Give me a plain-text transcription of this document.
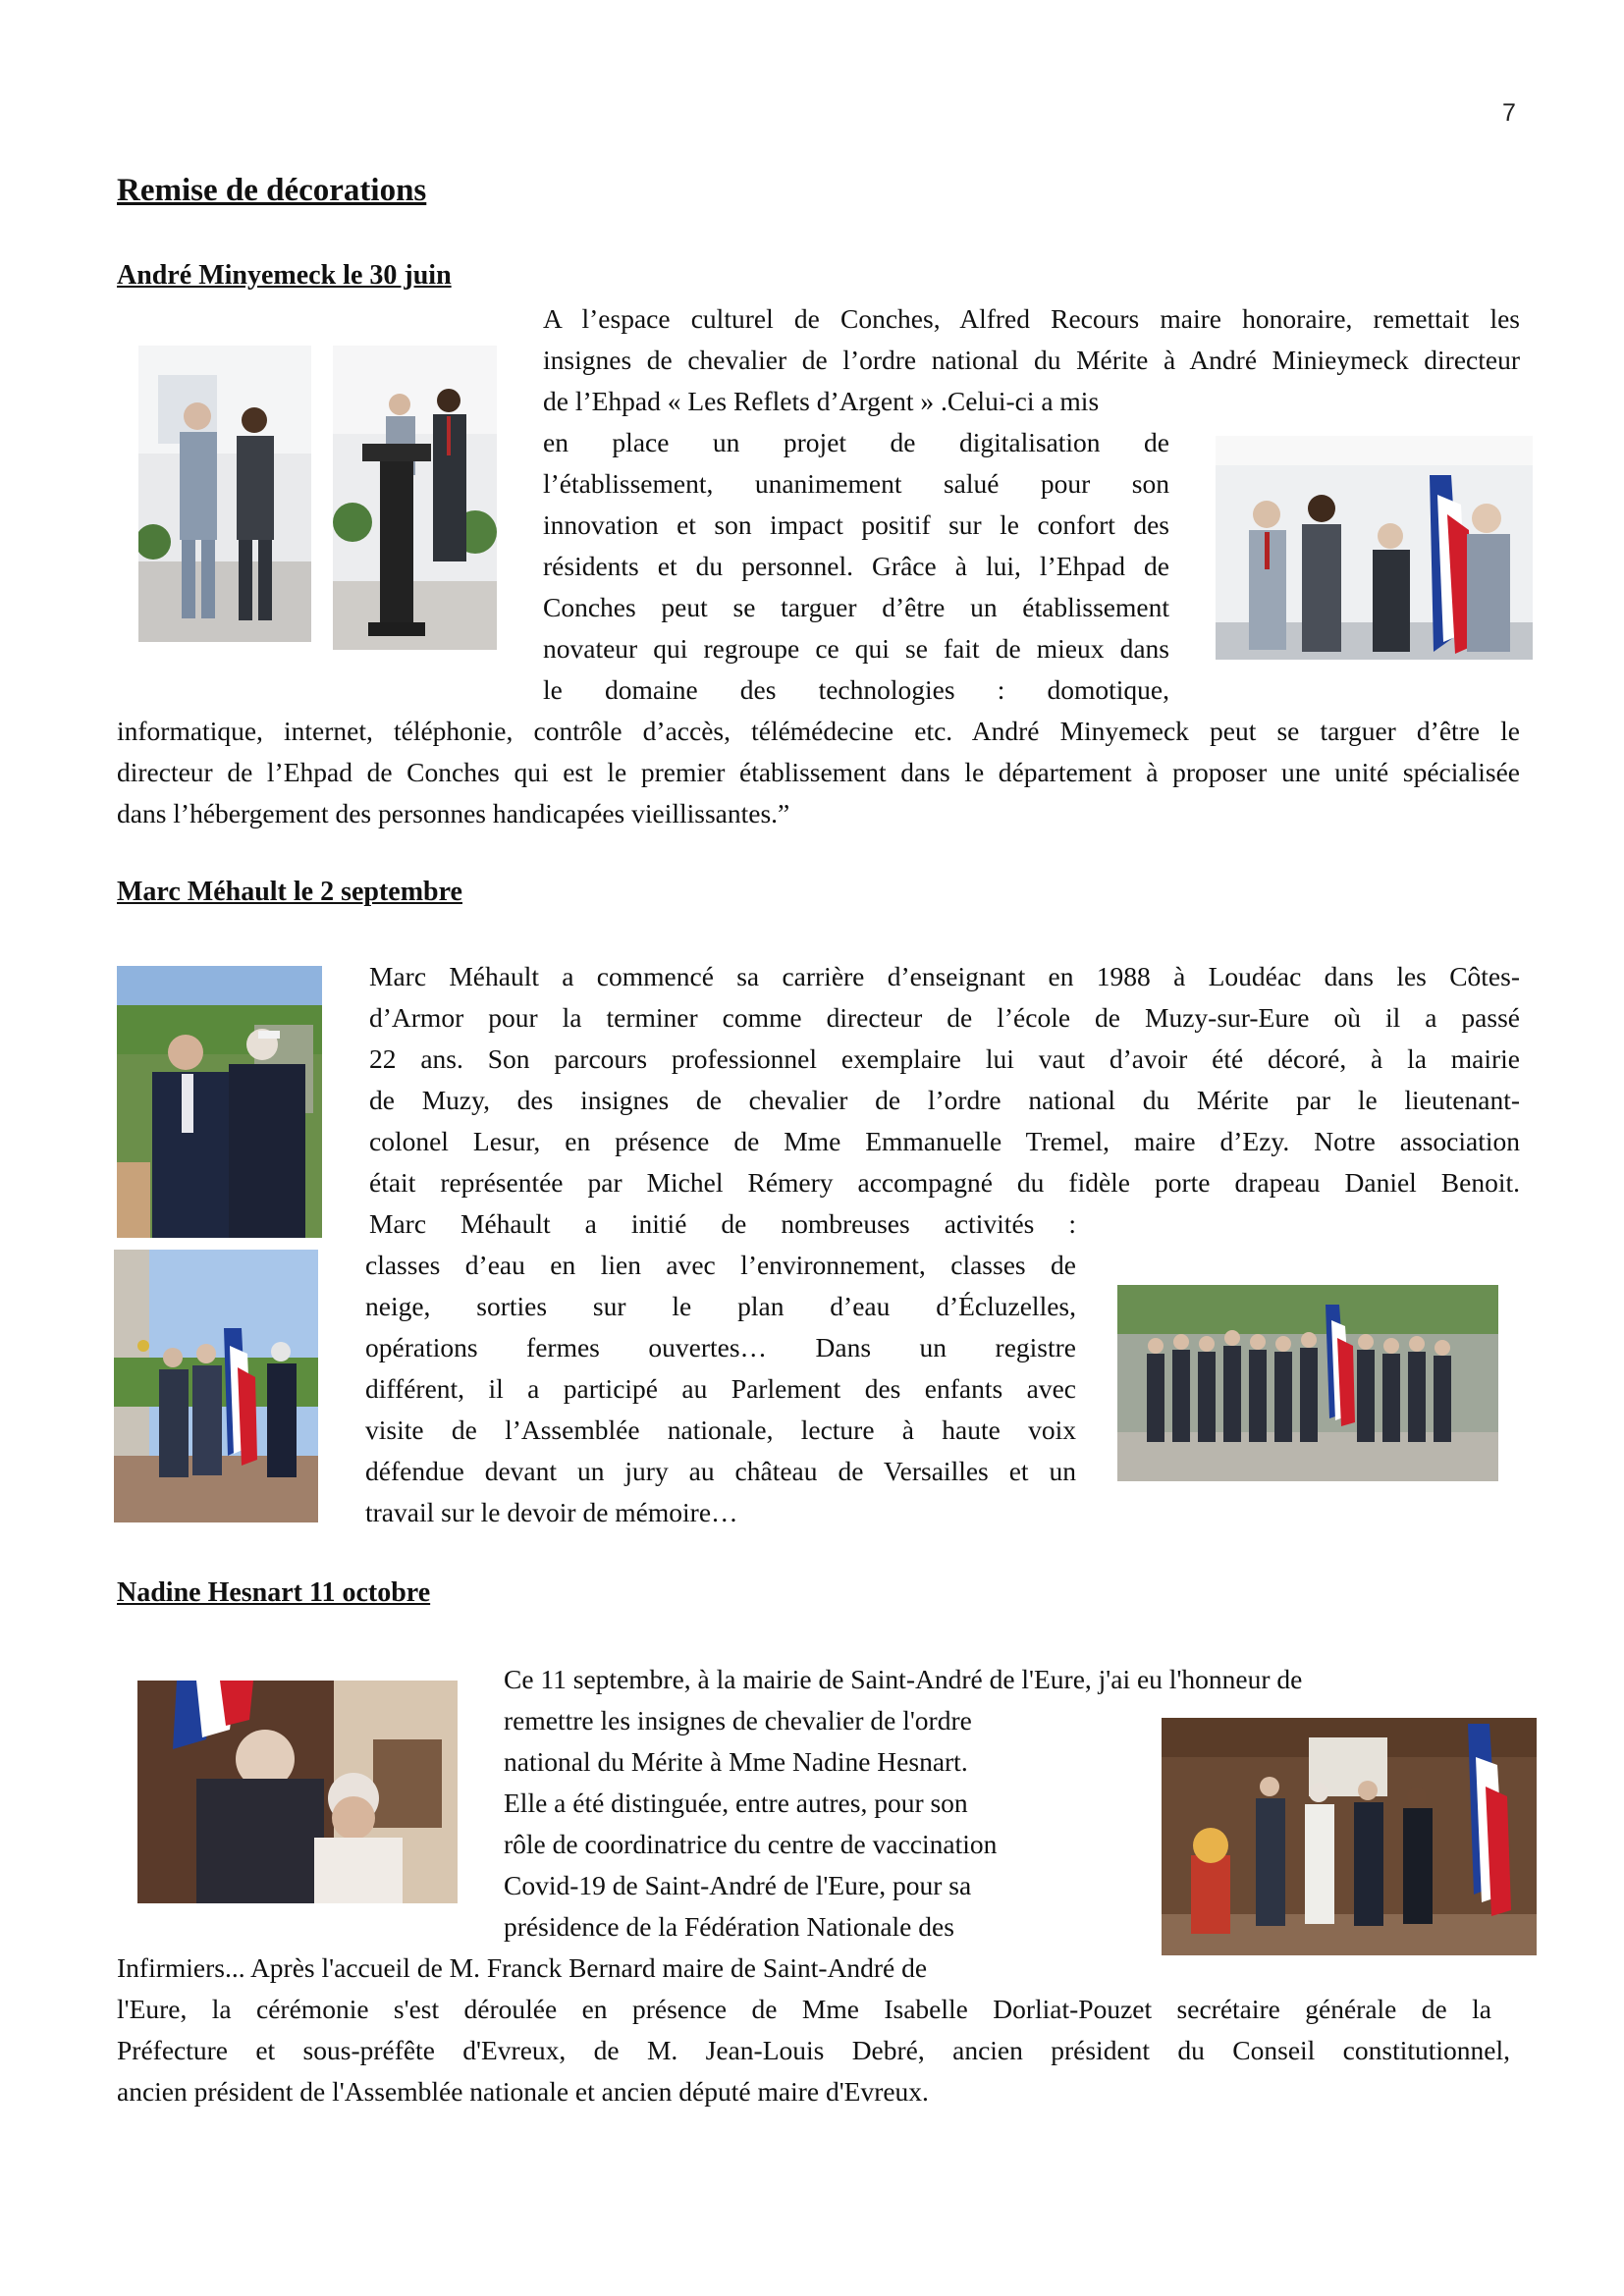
7
Remise de décorations
André Minyemeck le 30 juin
A l’espace culturel de Conches, Alfred Recours maire honoraire, remettait les
insignes de chevalier de l’ordre national du Mérite à André Minieymeck directeur
de l’Ehpad « Les Reflets d’Argent » .Celui-ci a mis
en place un projet de digitalisation de
l’établissement, unanimement salué pour son
innovation et son impact positif sur le confort des
résidents et du personnel. Grâce à lui, l’Ehpad de
Conches peut se targuer d’être un établissement
novateur qui regroupe ce qui se fait de mieux dans
le domaine des technologies : domotique,
informatique, internet, téléphonie, contrôle d’accès, télémédecine etc. André Minyemeck peut se targuer d’être le
directeur de l’Ehpad de Conches qui est le premier établissement dans le département à proposer une unité spécialisée
dans l’hébergement des personnes handicapées vieillissantes.”
Marc Méhault le 2 septembre
Marc Méhault a commencé sa carrière d’enseignant en 1988 à Loudéac dans les Côtes-
d’Armor pour la terminer comme directeur de l’école de Muzy-sur-Eure où il a passé
22 ans. Son parcours professionnel exemplaire lui vaut d’avoir été décoré, à la mairie
de Muzy, des insignes de chevalier de l’ordre national du Mérite par le lieutenant-
colonel Lesur, en présence de Mme Emmanuelle Tremel, maire d’Ezy. Notre association
était représentée par Michel Rémery accompagné du fidèle porte drapeau Daniel Benoit.
Marc Méhault a initié de nombreuses activités :
classes d’eau en lien avec l’environnement, classes de
neige, sorties sur le plan d’eau d’Écluzelles,
opérations fermes ouvertes… Dans un registre
différent, il a participé au Parlement des enfants avec
visite de l’Assemblée nationale, lecture à haute voix
défendue devant un jury au château de Versailles et un
travail sur le devoir de mémoire…
Nadine Hesnart 11 octobre
Ce 11 septembre, à la mairie de Saint-André de l'Eure, j'ai eu l'honneur de
remettre les insignes de chevalier de l'ordre
national du Mérite à Mme Nadine Hesnart.
Elle a été distinguée, entre autres, pour son
rôle de coordinatrice du centre de vaccination
Covid-19 de Saint-André de l'Eure, pour sa
présidence de la Fédération Nationale des
Infirmiers... Après l'accueil de M. Franck Bernard maire de Saint-André de
l'Eure, la cérémonie s'est déroulée en présence de Mme Isabelle Dorliat-Pouzet secrétaire générale de la
Préfecture et sous-préfête d'Evreux, de M. Jean-Louis Debré, ancien président du Conseil constitutionnel,
ancien président de l'Assemblée nationale et ancien député maire d'Evreux.
